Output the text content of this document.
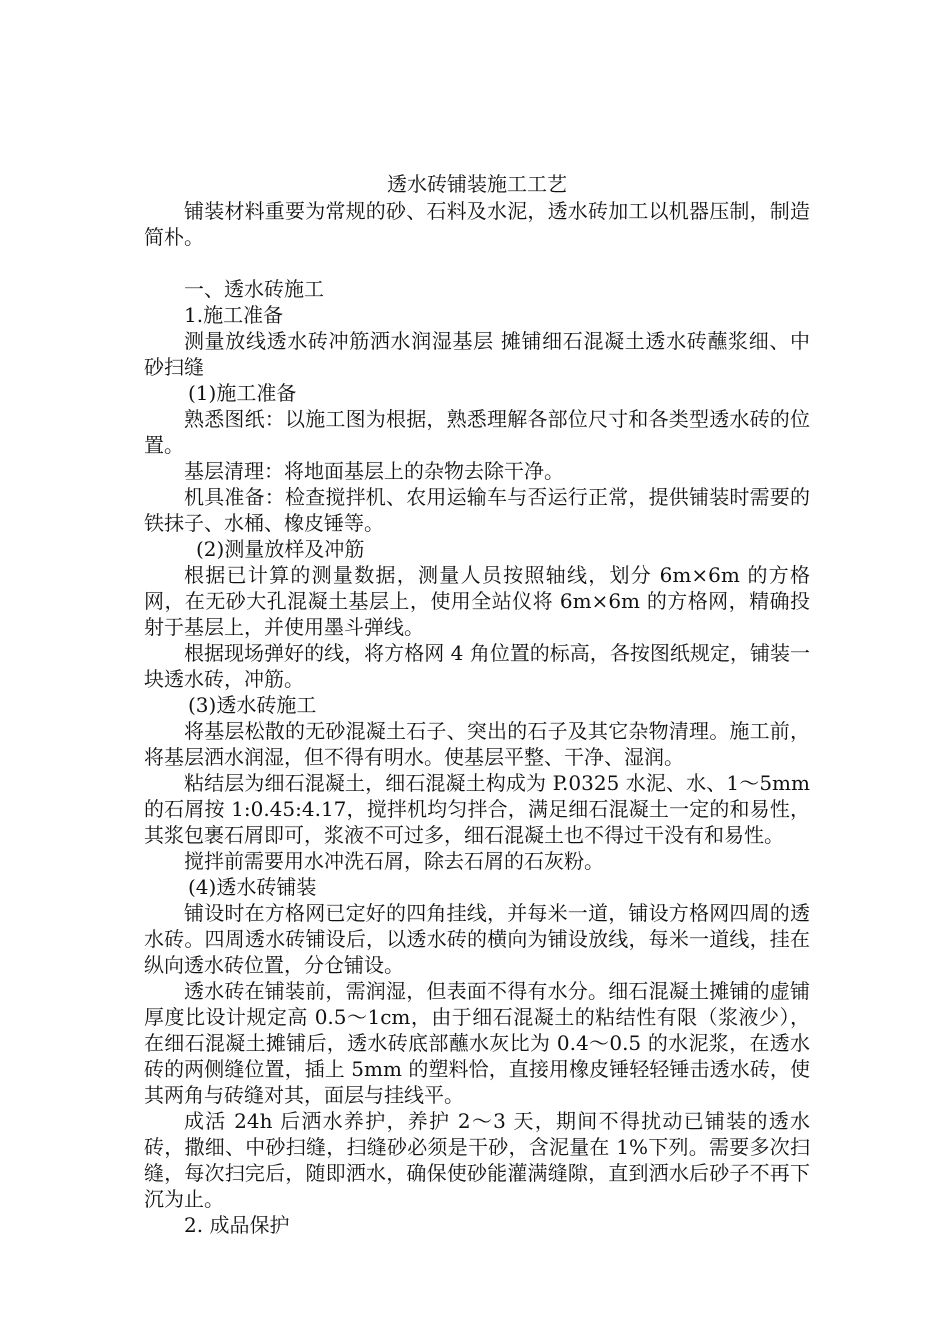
透水砖铺装施工工艺

铺装材料重要为常规的砂、石料及水泥，透水砖加工以机器压制，制造简朴。

一、透水砖施工

1.施工准备

测量放线透水砖冲筋洒水润湿基层 摊铺细石混凝土透水砖蘸浆细、中砂扫缝

(1)施工准备

熟悉图纸：以施工图为根据，熟悉理解各部位尺寸和各类型透水砖的位置。

基层清理：将地面基层上的杂物去除干净。

机具准备：检查搅拌机、农用运输车与否运行正常，提供铺装时需要的铁抹子、水桶、橡皮锤等。

(2)测量放样及冲筋

根据已计算的测量数据，测量人员按照轴线，划分 6m×6m 的方格网，在无砂大孔混凝土基层上，使用全站仪将 6m×6m 的方格网，精确投射于基层上，并使用墨斗弹线。

根据现场弹好的线，将方格网 4 角位置的标高，各按图纸规定，铺装一块透水砖，冲筋。

(3)透水砖施工

将基层松散的无砂混凝土石子、突出的石子及其它杂物清理。施工前，将基层洒水润湿，但不得有明水。使基层平整、干净、湿润。

粘结层为细石混凝土，细石混凝土构成为 P.0325 水泥、水、1～5mm 的石屑按 1:0.45:4.17，搅拌机均匀拌合，满足细石混凝土一定的和易性，其浆包裹石屑即可，浆液不可过多，细石混凝土也不得过干没有和易性。

搅拌前需要用水冲洗石屑，除去石屑的石灰粉。

(4)透水砖铺装

铺设时在方格网已定好的四角挂线，并每米一道，铺设方格网四周的透水砖。四周透水砖铺设后，以透水砖的横向为铺设放线，每米一道线，挂在纵向透水砖位置，分仓铺设。

透水砖在铺装前，需润湿，但表面不得有水分。细石混凝土摊铺的虚铺厚度比设计规定高 0.5～1cm，由于细石混凝土的粘结性有限（浆液少），在细石混凝土摊铺后，透水砖底部蘸水灰比为 0.4～0.5 的水泥浆，在透水砖的两侧缝位置，插上 5mm 的塑料恰，直接用橡皮锤轻轻锤击透水砖，使其两角与砖缝对其，面层与挂线平。

成活 24h 后洒水养护，养护 2～3 天，期间不得扰动已铺装的透水砖，撒细、中砂扫缝，扫缝砂必须是干砂，含泥量在 1%下列。需要多次扫缝，每次扫完后，随即洒水，确保使砂能灌满缝隙，直到洒水后砂子不再下沉为止。

2. 成品保护
